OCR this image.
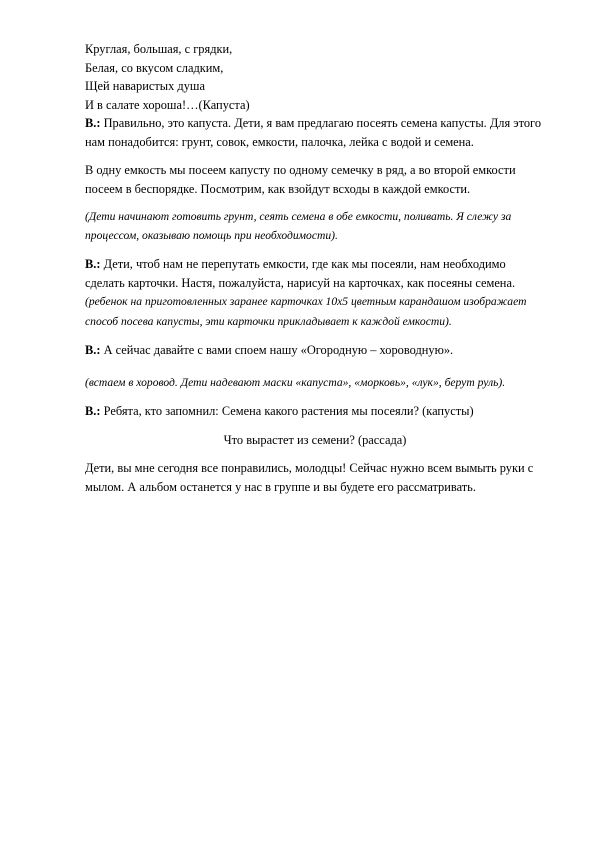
Круглая, большая, с грядки,
Белая, со вкусом сладким,
Щей наваристых душа
И в салате хороша!…(Капуста)

В.: Правильно, это капуста. Дети, я вам предлагаю посеять семена капусты. Для этого нам понадобится: грунт, совок, емкости, палочка, лейка с водой и семена.

В одну емкость мы посеем капусту по одному семечку в ряд, а во второй емкости посеем в беспорядке. Посмотрим, как взойдут всходы в каждой емкости.

(Дети начинают готовить грунт, сеять семена в обе емкости, поливать. Я слежу за процессом, оказываю помощь при необходимости).

В.: Дети, чтоб нам не перепутать емкости, где как мы посеяли, нам необходимо сделать карточки. Настя, пожалуйста, нарисуй на карточках, как посеяны семена. (ребенок на приготовленных заранее карточках 10х5 цветным карандашом изображает способ посева капусты, эти карточки прикладывает к каждой емкости).

В.: А сейчас давайте с вами споем нашу «Огородную – хороводную».

(встаем в хоровод. Дети надевают маски «капуста», «морковь», «лук», берут руль).

В.: Ребята, кто запомнил: Семена какого растения мы посеяли? (капусты)

Что вырастет из семени? (рассада)

Дети, вы мне сегодня все понравились, молодцы! Сейчас нужно всем вымыть руки с мылом. А альбом останется у нас в группе и вы будете его рассматривать.
